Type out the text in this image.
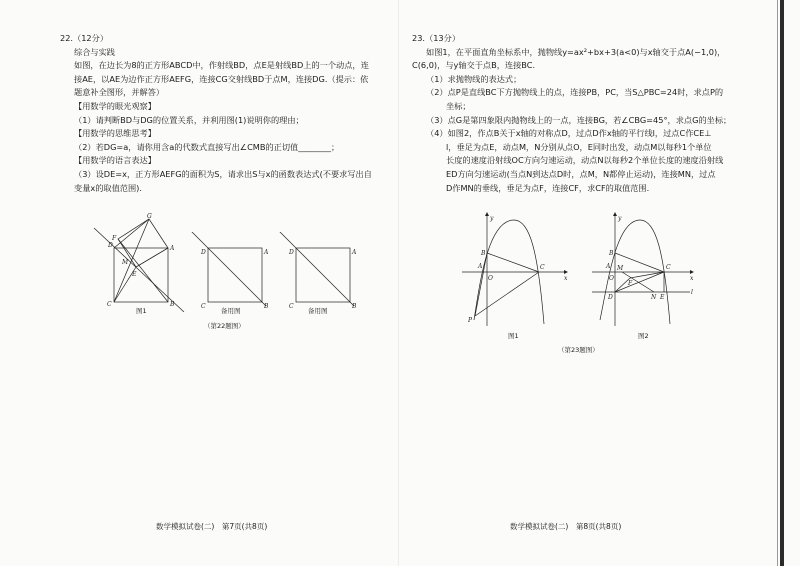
22.（12分）

综合与实践

如图，在边长为8的正方形ABCD中，作射线BD，点E是射线BD上的一个动点，连

接AE，以AE为边作正方形AEFG，连接CG交射线BD于点M，连接DG.（提示：依

题意补全图形，并解答）

【用数学的眼光观察】

（1）请判断BD与DG的位置关系，并利用图(1)说明你的理由；

【用数学的思维思考】

（2）若DG=a，请你用含a的代数式直接写出∠CMB的正切值________；

【用数学的语言表达】

（3）设DE=x，正方形AEFG的面积为S，请求出S与x的函数表达式(不要求写出自

变量x的取值范围).

G
F
D	A
M
E
C	B
图1
D	A
C	B
备用图
D	A
C	B
备用图
（第22题图）
数学模拟试卷(二)　第7页(共8页)

23.（13分）

如图1，在平面直角坐标系中，抛物线y=ax²+bx+3(a<0)与x轴交于点A(−1,0)，

C(6,0)，与y轴交于点B，连接BC.

（1）求抛物线的表达式；

（2）点P是直线BC下方抛物线上的点，连接PB，PC，当S△PBC=24时，求点P的

坐标；

（3）点G是第四象限内抛物线上的一点，连接BG，若∠CBG=45°，求点G的坐标；

（4）如图2，作点B关于x轴的对称点D，过点D作x轴的平行线l，过点C作CE⊥

l，垂足为点E，动点M，N分别从点O，E同时出发，动点M以每秒1个单位

长度的速度沿射线OC方向匀速运动，动点N以每秒2个单位长度的速度沿射线

ED方向匀速运动(当点N到达点D时，点M，N都停止运动)，连接MN，过点

D作MN的垂线，垂足为点F，连接CF，求CF的取值范围.

y
x
B
A
O
C
P
图1
y
x
B
A M
O
F
C
D	N E
l
图2
（第23题图）
数学模拟试卷(二)　第8页(共8页)
